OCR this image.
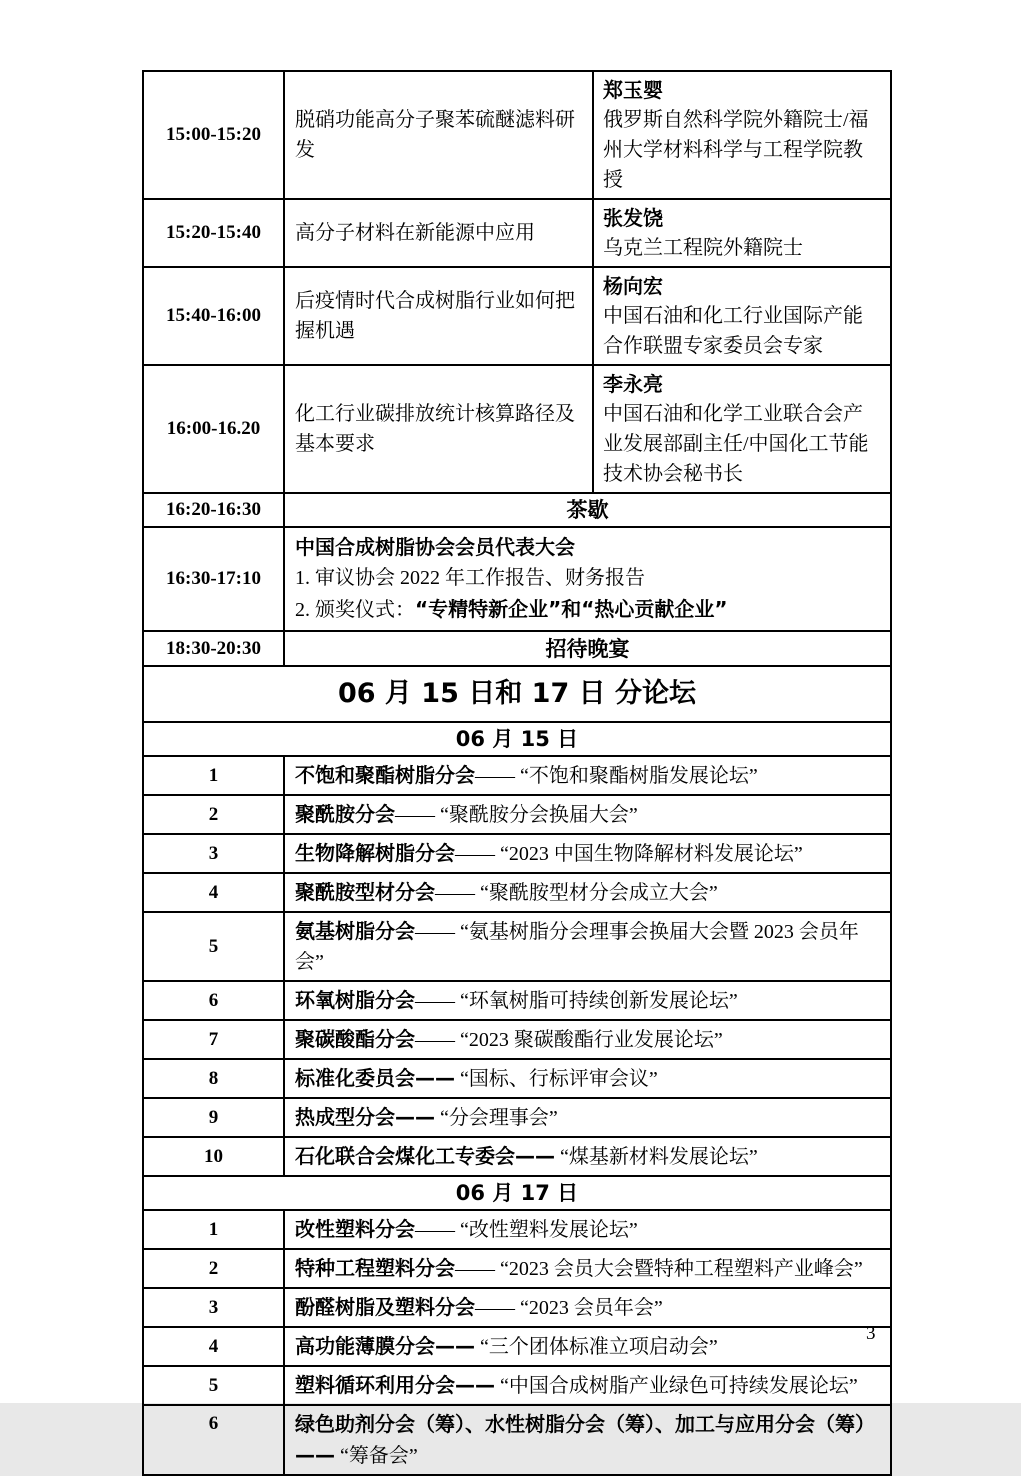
15:00-15:20	脱硝功能高分子聚苯硫醚滤料研发	郑玉婴
俄罗斯自然科学院外籍院士/福州大学材料科学与工程学院教授

15:20-15:40	高分子材料在新能源中应用	张发饶
乌克兰工程院外籍院士

15:40-16:00	后疫情时代合成树脂行业如何把握机遇	杨向宏
中国石油和化工行业国际产能合作联盟专家委员会专家

16:00-16.20	化工行业碳排放统计核算路径及基本要求	李永亮
中国石油和化学工业联合会产业发展部副主任/中国化工节能技术协会秘书长

16:20-16:30	茶歇	
16:30-17:10	中国合成树脂协会会员代表大会
1. 审议协会 2022 年工作报告、财务报告
2. 颁奖仪式：“专精特新企业”和“热心贡献企业”	

18:30-20:30	招待晚宴	
06 月 15 日和 17 日 分论坛		
06 月 15 日		
1	不饱和聚酯树脂分会—— “不饱和聚酯树脂发展论坛”	
2	聚酰胺分会—— “聚酰胺分会换届大会”	
3	生物降解树脂分会—— “2023 中国生物降解材料发展论坛”	
4	聚酰胺型材分会—— “聚酰胺型材分会成立大会”	
5	氨基树脂分会—— “氨基树脂分会理事会换届大会暨 2023 会员年会”	
6	环氧树脂分会—— “环氧树脂可持续创新发展论坛”	
7	聚碳酸酯分会—— “2023 聚碳酸酯行业发展论坛”	
8	标准化委员会—— “国标、行标评审会议”	
9	热成型分会—— “分会理事会”	
10	石化联合会煤化工专委会—— “煤基新材料发展论坛”	
06 月 17 日		
1	改性塑料分会—— “改性塑料发展论坛”	
2	特种工程塑料分会—— “2023 会员大会暨特种工程塑料产业峰会”	
3	酚醛树脂及塑料分会—— “2023 会员年会”	
4	高功能薄膜分会—— “三个团体标准立项启动会”	
5	塑料循环利用分会—— “中国合成树脂产业绿色可持续发展论坛”	
6	绿色助剂分会（筹）、水性树脂分会（筹）、加工与应用分会（筹）—— “筹备会”	
3
